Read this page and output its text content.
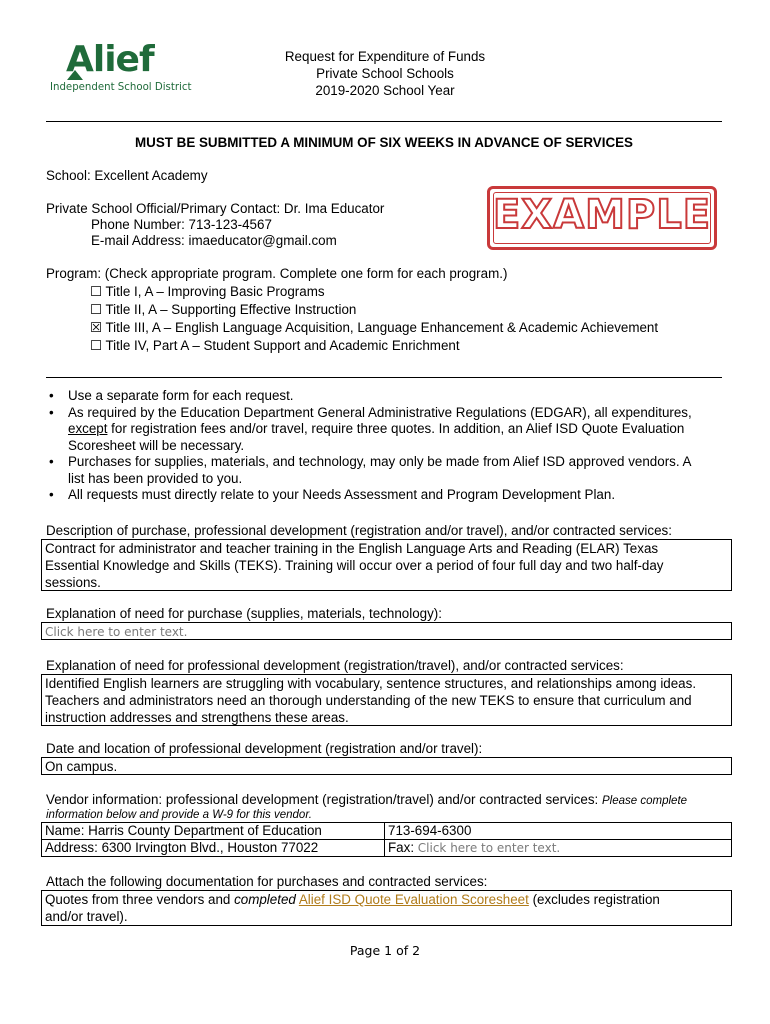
Alief
Independent School District
Request for Expenditure of Funds
Private School Schools
2019-2020 School Year
MUST BE SUBMITTED A MINIMUM OF SIX WEEKS IN ADVANCE OF SERVICES
School: Excellent Academy
Private School Official/Primary Contact: Dr. Ima Educator
Phone Number: 713-123-4567
E-mail Address: imaeducator@gmail.com
EXAMPLE
Program: (Check appropriate program. Complete one form for each program.)
☐ Title I, A – Improving Basic Programs
☐ Title II, A – Supporting Effective Instruction
☒ Title III, A – English Language Acquisition, Language Enhancement & Academic Achievement
☐ Title IV, Part A – Student Support and Academic Enrichment
• Use a separate form for each request.
• As required by the Education Department General Administrative Regulations (EDGAR), all expenditures,
except for registration fees and/or travel, require three quotes. In addition, an Alief ISD Quote Evaluation
Scoresheet will be necessary.
• Purchases for supplies, materials, and technology, may only be made from Alief ISD approved vendors. A
list has been provided to you.
• All requests must directly relate to your Needs Assessment and Program Development Plan.
Description of purchase, professional development (registration and/or travel), and/or contracted services:
Contract for administrator and teacher training in the English Language Arts and Reading (ELAR) Texas
Essential Knowledge and Skills (TEKS). Training will occur over a period of four full day and two half-day
sessions.
Explanation of need for purchase (supplies, materials, technology):
Click here to enter text.
Explanation of need for professional development (registration/travel), and/or contracted services:
Identified English learners are struggling with vocabulary, sentence structures, and relationships among ideas.
Teachers and administrators need an thorough understanding of the new TEKS to ensure that curriculum and
instruction addresses and strengthens these areas.
Date and location of professional development (registration and/or travel):
On campus.
Vendor information: professional development (registration/travel) and/or contracted services: Please complete
information below and provide a W-9 for this vendor.
Name: Harris County Department of Education	713-694-6300
Address: 6300 Irvington Blvd., Houston 77022	Fax: Click here to enter text.
Attach the following documentation for purchases and contracted services:
Quotes from three vendors and completed Alief ISD Quote Evaluation Scoresheet (excludes registration
and/or travel).
Page 1 of 2
